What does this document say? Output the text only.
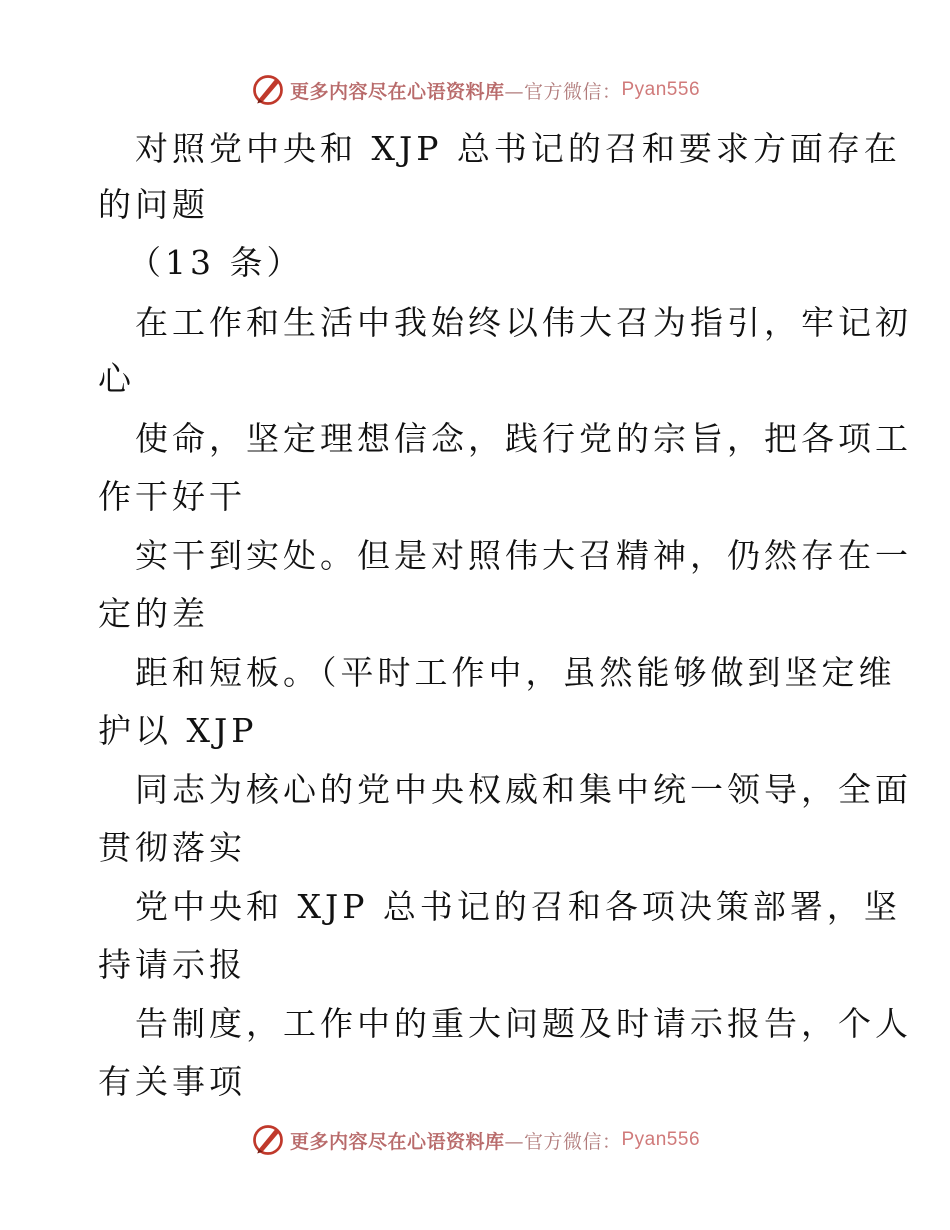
更多内容尽在心语资料库 —官方微信： Pyan556
对照党中央和 XJP 总书记的召和要求方面存在
的问题
（13 条）
在工作和生活中我始终以伟大召为指引，牢记初
心
使命，坚定理想信念，践行党的宗旨，把各项工
作干好干
实干到实处。但是对照伟大召精神，仍然存在一
定的差
距和短板。（平时工作中，虽然能够做到坚定维
护以 XJP
同志为核心的党中央权威和集中统一领导，全面
贯彻落实
党中央和 XJP 总书记的召和各项决策部署，坚
持请示报
告制度，工作中的重大问题及时请示报告，个人
有关事项
更多内容尽在心语资料库 —官方微信： Pyan556
